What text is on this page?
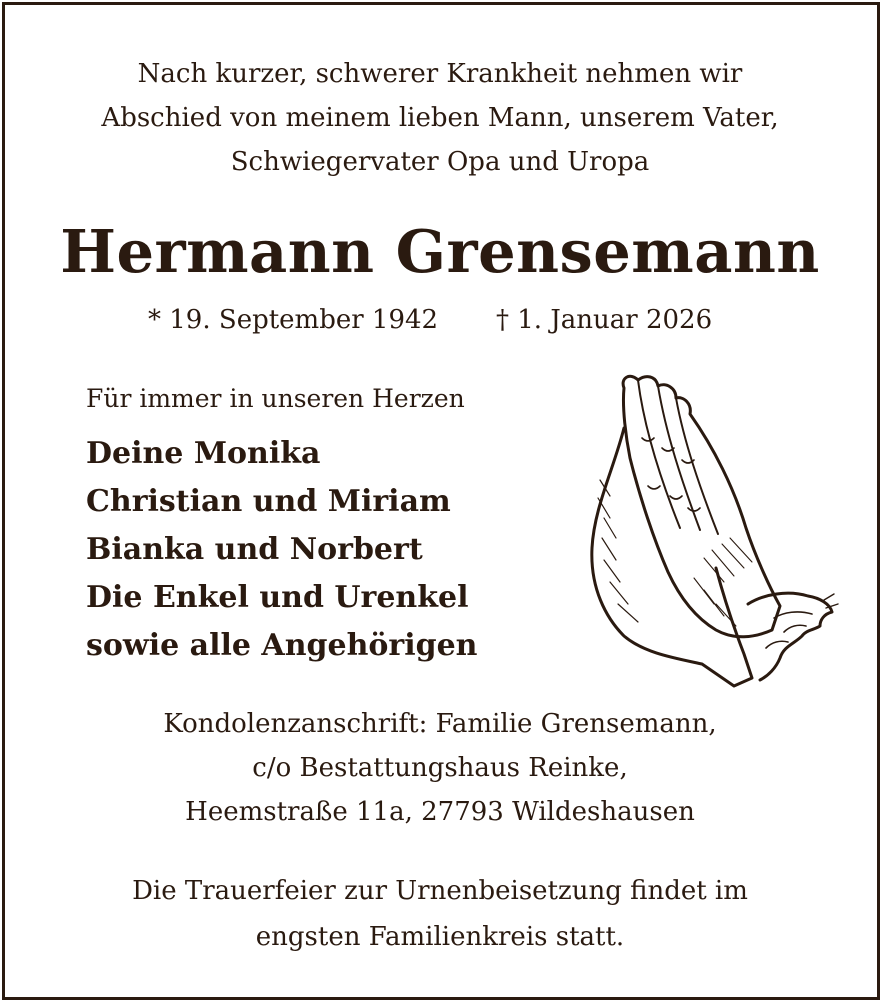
Nach kurzer, schwerer Krankheit nehmen wir
Abschied von meinem lieben Mann, unserem Vater,
Schwiegervater Opa und Uropa
Hermann Grensemann
* 19. September 1942 † 1. Januar 2026
Für immer in unseren Herzen
Deine Monika
Christian und Miriam
Bianka und Norbert
Die Enkel und Urenkel
sowie alle Angehörigen
Kondolenzanschrift: Familie Grensemann,
c/o Bestattungshaus Reinke,
Heemstraße 11a, 27793 Wildeshausen
Die Trauerfeier zur Urnenbeisetzung findet im
engsten Familienkreis statt.
